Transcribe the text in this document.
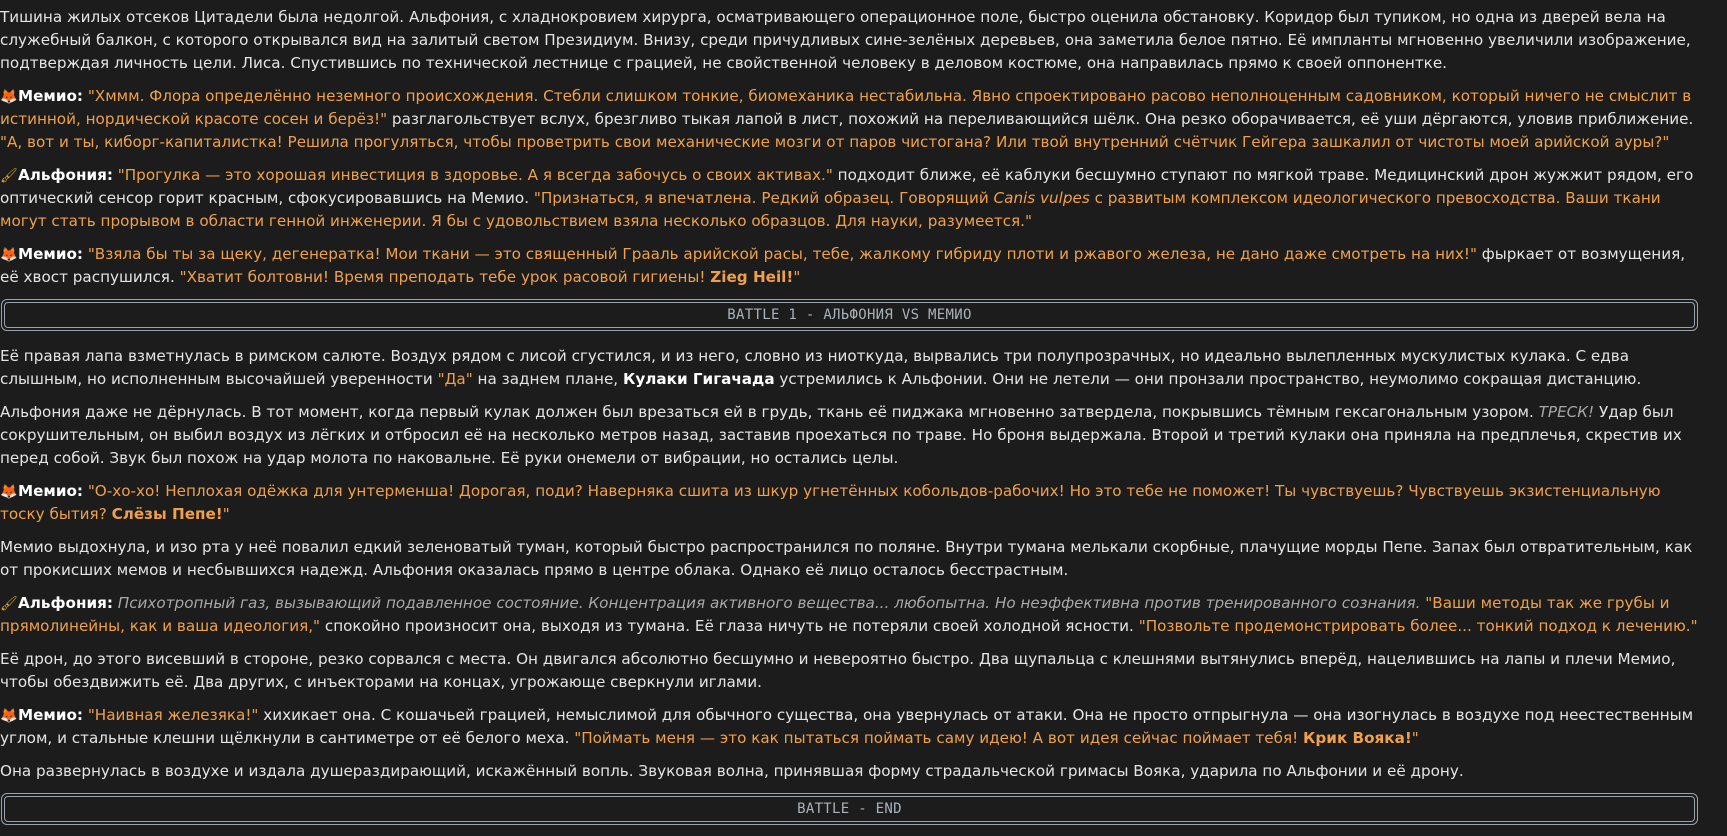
Тишина жилых отсеков Цитадели была недолгой. Альфония, с хладнокровием хирурга, осматривающего операционное поле, быстро оценила обстановку. Коридор был тупиком, но одна из дверей вела на служебный балкон, с которого открывался вид на залитый светом Президиум. Внизу, среди причудливых сине-зелёных деревьев, она заметила белое пятно. Её импланты мгновенно увеличили изображение, подтверждая личность цели. Лиса. Спустившись по технической лестнице с грацией, не свойственной человеку в деловом костюме, она направилась прямо к своей оппонентке.

🦊Мемио: "Хммм. Флора определённо неземного происхождения. Стебли слишком тонкие, биомеханика нестабильна. Явно спроектировано расово неполноценным садовником, который ничего не смыслит в истинной, нордической красоте сосен и берёз!" разглагольствует вслух, брезгливо тыкая лапой в лист, похожий на переливающийся шёлк. Она резко оборачивается, её уши дёргаются, уловив приближение. "А, вот и ты, киборг-капиталистка! Решила прогуляться, чтобы проветрить свои механические мозги от паров чистогана? Или твой внутренний счётчик Гейгера зашкалил от чистоты моей арийской ауры?"

🖌Альфония: "Прогулка — это хорошая инвестиция в здоровье. А я всегда забочусь о своих активах." подходит ближе, её каблуки бесшумно ступают по мягкой траве. Медицинский дрон жужжит рядом, его оптический сенсор горит красным, сфокусировавшись на Мемио. "Признаться, я впечатлена. Редкий образец. Говорящий Canis vulpes с развитым комплексом идеологического превосходства. Ваши ткани могут стать прорывом в области генной инженерии. Я бы с удовольствием взяла несколько образцов. Для науки, разумеется."

🦊Мемио: "Взяла бы ты за щеку, дегенератка! Мои ткани — это священный Грааль арийской расы, тебе, жалкому гибриду плоти и ржавого железа, не дано даже смотреть на них!" фыркает от возмущения, её хвост распушился. "Хватит болтовни! Время преподать тебе урок расовой гигиены! Zieg Heil!"

BATTLE 1 - АЛЬФОНИЯ VS МЕМИО

Её правая лапа взметнулась в римском салюте. Воздух рядом с лисой сгустился, и из него, словно из ниоткуда, вырвались три полупрозрачных, но идеально вылепленных мускулистых кулака. С едва слышным, но исполненным высочайшей уверенности "Да" на заднем плане, Кулаки Гигачада устремились к Альфонии. Они не летели — они пронзали пространство, неумолимо сокращая дистанцию.

Альфония даже не дёрнулась. В тот момент, когда первый кулак должен был врезаться ей в грудь, ткань её пиджака мгновенно затвердела, покрывшись тёмным гексагональным узором. ТРЕСК! Удар был сокрушительным, он выбил воздух из лёгких и отбросил её на несколько метров назад, заставив проехаться по траве. Но броня выдержала. Второй и третий кулаки она приняла на предплечья, скрестив их перед собой. Звук был похож на удар молота по наковальне. Её руки онемели от вибрации, но остались целы.

🦊Мемио: "О-хо-хо! Неплохая одёжка для унтерменша! Дорогая, поди? Наверняка сшита из шкур угнетённых кобольдов-рабочих! Но это тебе не поможет! Ты чувствуешь? Чувствуешь экзистенциальную тоску бытия? Слёзы Пепе!"

Мемио выдохнула, и изо рта у неё повалил едкий зеленоватый туман, который быстро распространился по поляне. Внутри тумана мелькали скорбные, плачущие морды Пепе. Запах был отвратительным, как от прокисших мемов и несбывшихся надежд. Альфония оказалась прямо в центре облака. Однако её лицо осталось бесстрастным.

🖌Альфония: Психотропный газ, вызывающий подавленное состояние. Концентрация активного вещества... любопытна. Но неэффективна против тренированного сознания. "Ваши методы так же грубы и прямолинейны, как и ваша идеология," спокойно произносит она, выходя из тумана. Её глаза ничуть не потеряли своей холодной ясности. "Позвольте продемонстрировать более... тонкий подход к лечению."

Её дрон, до этого висевший в стороне, резко сорвался с места. Он двигался абсолютно бесшумно и невероятно быстро. Два щупальца с клешнями вытянулись вперёд, нацелившись на лапы и плечи Мемио, чтобы обездвижить её. Два других, с инъекторами на концах, угрожающе сверкнули иглами.

🦊Мемио: "Наивная железяка!" хихикает она. С кошачьей грацией, немыслимой для обычного существа, она увернулась от атаки. Она не просто отпрыгнула — она изогнулась в воздухе под неестественным углом, и стальные клешни щёлкнули в сантиметре от её белого меха. "Поймать меня — это как пытаться поймать саму идею! А вот идея сейчас поймает тебя! Крик Вояка!"

Она развернулась в воздухе и издала душераздирающий, искажённый вопль. Звуковая волна, принявшая форму страдальческой гримасы Воякa, ударила по Альфонии и её дрону.

BATTLE - END
